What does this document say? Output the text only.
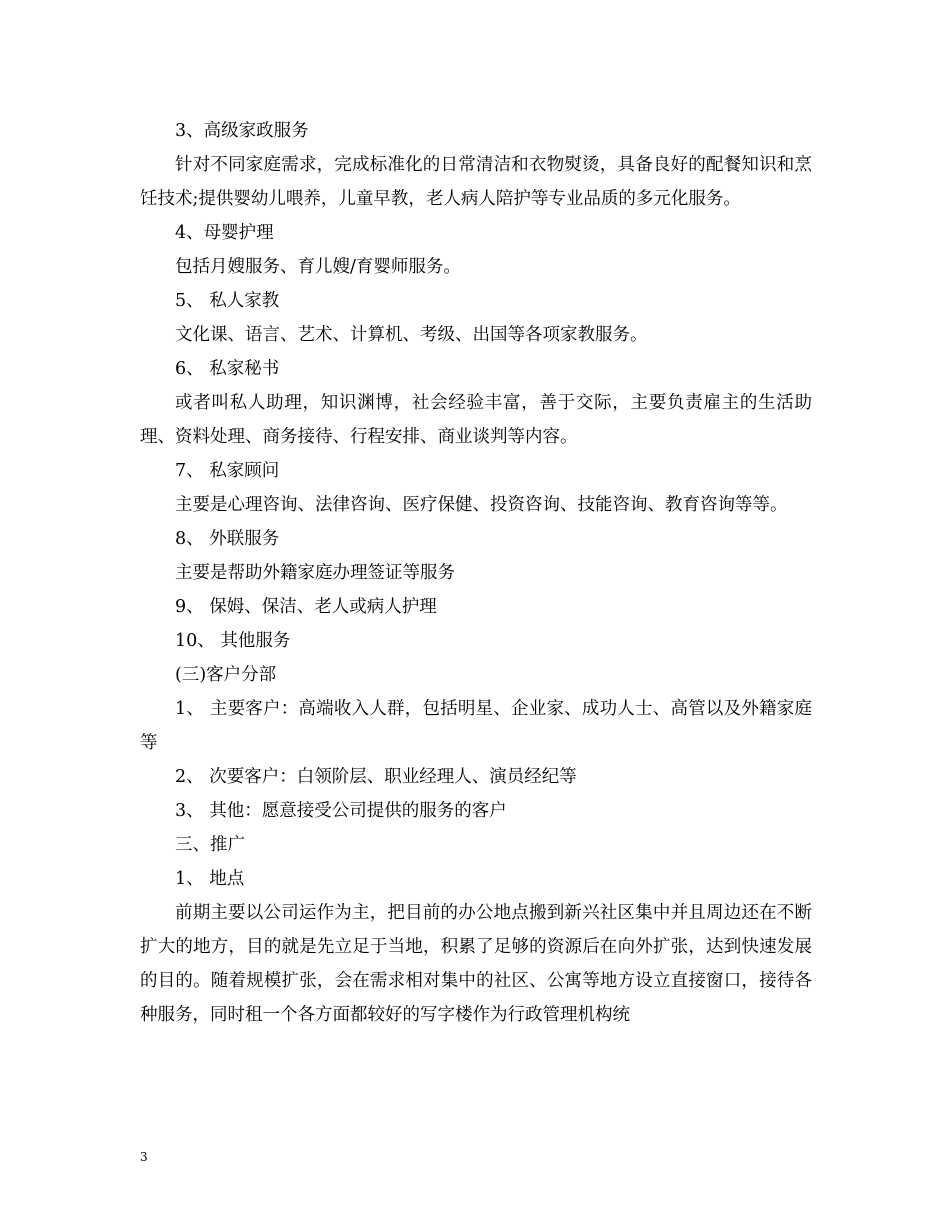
3、高级家政服务

针对不同家庭需求，完成标准化的日常清洁和衣物熨烫，具备良好的配餐知识和烹饪技术;提供婴幼儿喂养，儿童早教，老人病人陪护等专业品质的多元化服务。

4、母婴护理

包括月嫂服务、育儿嫂/育婴师服务。

5、 私人家教

文化课、语言、艺术、计算机、考级、出国等各项家教服务。

6、 私家秘书

或者叫私人助理，知识渊博，社会经验丰富，善于交际，主要负责雇主的生活助理、资料处理、商务接待、行程安排、商业谈判等内容。

7、 私家顾问

主要是心理咨询、法律咨询、医疗保健、投资咨询、技能咨询、教育咨询等等。

8、 外联服务

主要是帮助外籍家庭办理签证等服务

9、 保姆、保洁、老人或病人护理

10、 其他服务

(三)客户分部

1、 主要客户：高端收入人群，包括明星、企业家、成功人士、高管以及外籍家庭等

2、 次要客户：白领阶层、职业经理人、演员经纪等

3、 其他：愿意接受公司提供的服务的客户

三、推广

1、 地点

前期主要以公司运作为主，把目前的办公地点搬到新兴社区集中并且周边还在不断扩大的地方，目的就是先立足于当地，积累了足够的资源后在向外扩张，达到快速发展的目的。随着规模扩张，会在需求相对集中的社区、公寓等地方设立直接窗口，接待各种服务，同时租一个各方面都较好的写字楼作为行政管理机构统

3
